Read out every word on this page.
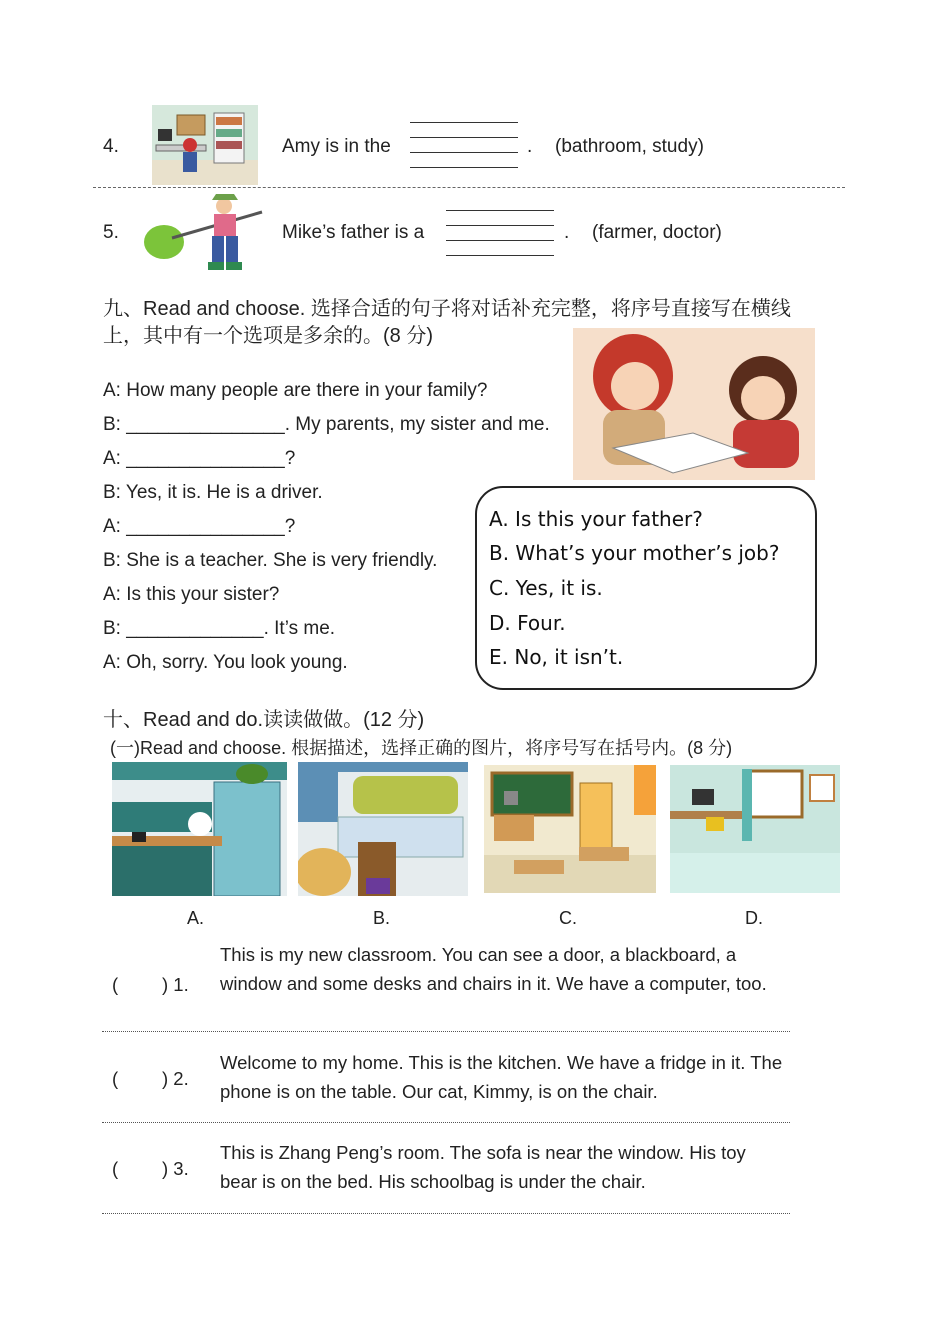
4.	Amy is in the	. (bathroom, study)
5.	Mike’s father is a	. (farmer, doctor)
九、Read and choose. 选择合适的句子将对话补充完整，将序号直接写在横线
上，其中有一个选项是多余的。(8 分)
A: How many people are there in your family?
B: _______________. My parents, my sister and me.
A: _______________?
B: Yes, it is. He is a driver.
A: _______________?
B: She is a teacher. She is very friendly.
A: Is this your sister?
B: _____________. It’s me.
A: Oh, sorry. You look young.
A. Is this your father?
B. What’s your mother’s job?
C. Yes, it is.
D. Four.
E. No, it isn’t.
十、Read and do.读读做做。(12 分)
(一)Read and choose. 根据描述，选择正确的图片，将序号写在括号内。(8 分)
A.	B.	C.	D.
( ) 1.
This is my new classroom. You can see a door, a blackboard, a window and some desks and chairs in it. We have a computer, too.
( ) 2.
Welcome to my home. This is the kitchen. We have a fridge in it. The phone is on the table. Our cat, Kimmy, is on the chair.
( ) 3.
This is Zhang Peng’s room. The sofa is near the window. His toy bear is on the bed. His schoolbag is under the chair.
